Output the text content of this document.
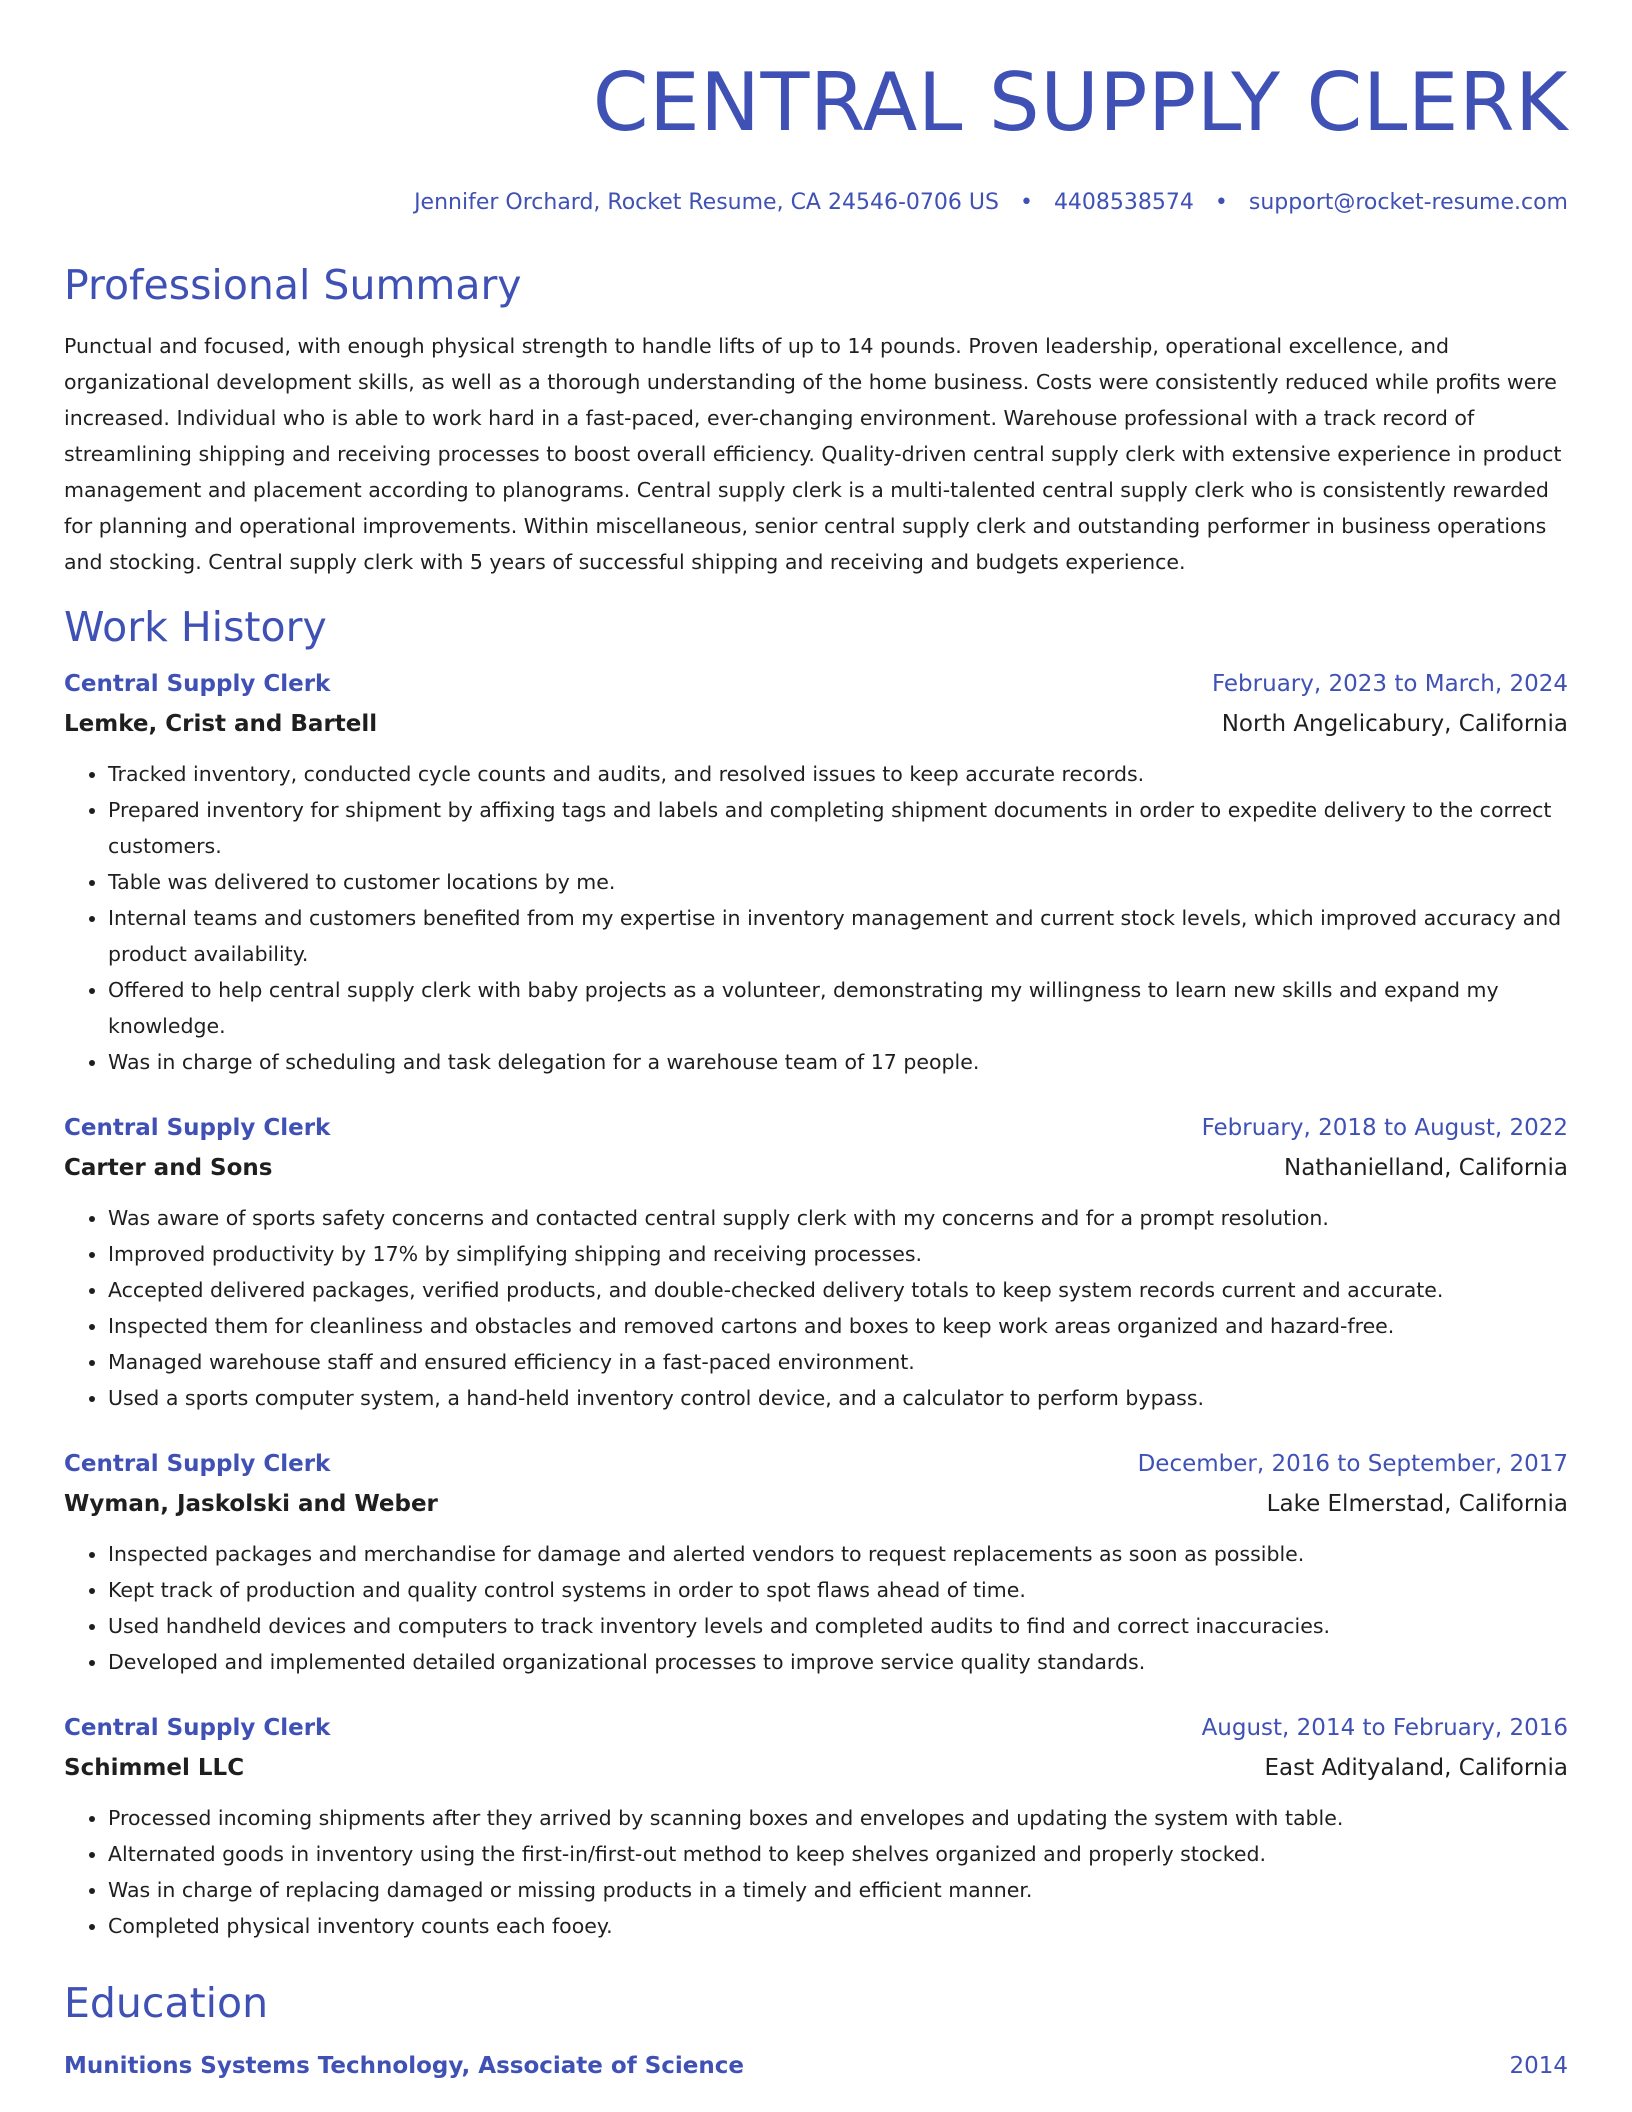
CENTRAL SUPPLY CLERK
Jennifer Orchard, Rocket Resume, CA 24546-0706 US • 4408538574 • support@rocket-resume.com
Professional Summary
Punctual and focused, with enough physical strength to handle lifts of up to 14 pounds. Proven leadership, operational excellence, and organizational development skills, as well as a thorough understanding of the home business. Costs were consistently reduced while profits were increased. Individual who is able to work hard in a fast-paced, ever-changing environment. Warehouse professional with a track record of streamlining shipping and receiving processes to boost overall efficiency. Quality-driven central supply clerk with extensive experience in product management and placement according to planograms. Central supply clerk is a multi-talented central supply clerk who is consistently rewarded for planning and operational improvements. Within miscellaneous, senior central supply clerk and outstanding performer in business operations and stocking. Central supply clerk with 5 years of successful shipping and receiving and budgets experience.
Work History
Central Supply Clerk	February, 2023 to March, 2024
Lemke, Crist and Bartell	North Angelicabury, California
• Tracked inventory, conducted cycle counts and audits, and resolved issues to keep accurate records.
• Prepared inventory for shipment by affixing tags and labels and completing shipment documents in order to expedite delivery to the correct customers.
• Table was delivered to customer locations by me.
• Internal teams and customers benefited from my expertise in inventory management and current stock levels, which improved accuracy and product availability.
• Offered to help central supply clerk with baby projects as a volunteer, demonstrating my willingness to learn new skills and expand my knowledge.
• Was in charge of scheduling and task delegation for a warehouse team of 17 people.
Central Supply Clerk	February, 2018 to August, 2022
Carter and Sons	Nathanielland, California
• Was aware of sports safety concerns and contacted central supply clerk with my concerns and for a prompt resolution.
• Improved productivity by 17% by simplifying shipping and receiving processes.
• Accepted delivered packages, verified products, and double-checked delivery totals to keep system records current and accurate.
• Inspected them for cleanliness and obstacles and removed cartons and boxes to keep work areas organized and hazard-free.
• Managed warehouse staff and ensured efficiency in a fast-paced environment.
• Used a sports computer system, a hand-held inventory control device, and a calculator to perform bypass.
Central Supply Clerk	December, 2016 to September, 2017
Wyman, Jaskolski and Weber	Lake Elmerstad, California
• Inspected packages and merchandise for damage and alerted vendors to request replacements as soon as possible.
• Kept track of production and quality control systems in order to spot flaws ahead of time.
• Used handheld devices and computers to track inventory levels and completed audits to find and correct inaccuracies.
• Developed and implemented detailed organizational processes to improve service quality standards.
Central Supply Clerk	August, 2014 to February, 2016
Schimmel LLC	East Adityaland, California
• Processed incoming shipments after they arrived by scanning boxes and envelopes and updating the system with table.
• Alternated goods in inventory using the first-in/first-out method to keep shelves organized and properly stocked.
• Was in charge of replacing damaged or missing products in a timely and efficient manner.
• Completed physical inventory counts each fooey.
Education
Munitions Systems Technology, Associate of Science	2014
